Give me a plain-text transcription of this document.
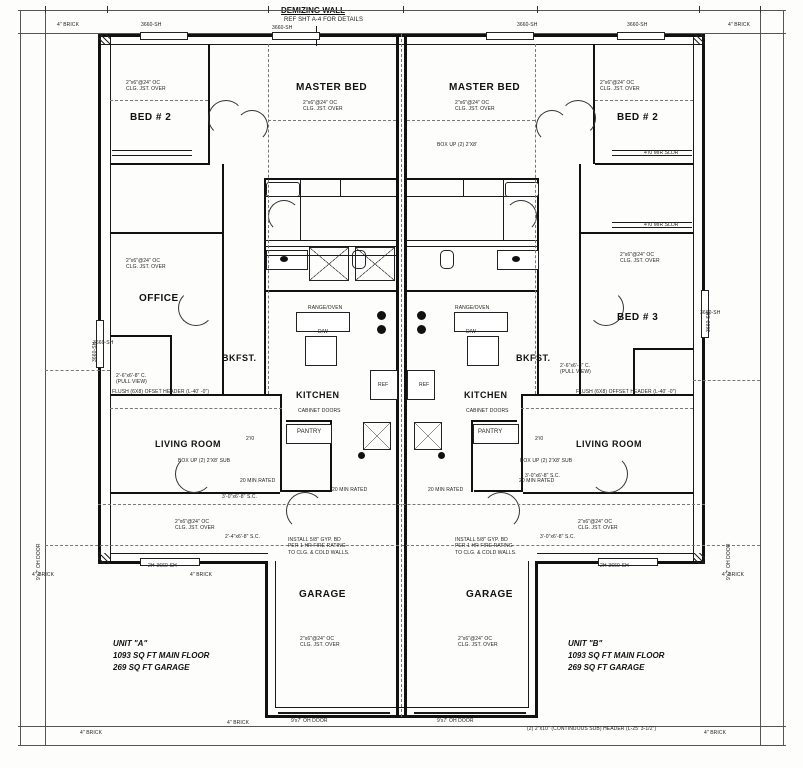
REF SHT A-4 FOR DETAILS
BED # 2
MASTER BED
OFFICE
BKFST.
KITCHEN
LIVING ROOM
GARAGE
PANTRY
BED # 2
MASTER BED
BED # 3
BKFST.
KITCHEN
LIVING ROOM
GARAGE
PANTRY
UNIT "A"
1093 SQ FT MAIN FLOOR
269 SQ FT GARAGE
UNIT "B"
1093 SQ FT MAIN FLOOR
269 SQ FT GARAGE
2"x6"@24" OC
CLG. JST. OVER
2"x6"@24" OC
CLG. JST. OVER
2"x6"@24" OC
CLG. JST. OVER
2"x6"@24" OC
CLG. JST. OVER
2"x6"@24" OC
CLG. JST. OVER
2"x6"@24" OC
CLG. JST. OVER
2"x6"@24" OC
CLG. JST. OVER
2"x6"@24" OC
CLG. JST. OVER
2"x6"@24" OC
CLG. JST. OVER
2"x6"@24" OC
CLG. JST. OVER
BOX UP (2) 2'X8'
BOX UP (2) 2'X8' SUB	BOX UP (2) 2'X8' SUB
RANGE/OVEN	RANGE/OVEN
D/W	D/W
REF	REF
CABINET DOORS	CABINET DOORS
20 MIN RATED	20 MIN RATED
20 MIN RATED
20 MIN RATED
INSTALL 5/8" GYP. BD
PER 1 HR FIRE RATING
TO CLG. & COLD WALLS.
INSTALL 5/8" GYP. BD
PER 1 HR FIRE RATING
TO CLG. & COLD WALLS.
2'-6"x6'-8" C.
(PULL VIEW)
2'-6"x6'-8" C.
(PULL VIEW)
3'-0"x6'-8" S.C.
3'-0"x6'-8" S.C.
3'-0"x6'-8" S.C.
2'-4"x6'-8" S.C.
FLUSH (6X8) OFSET HEADER (L-40' -0")	FLUSH (6X8) OFFSET HEADER (L-40' -0")
(2) 2"x10" (CONTINUOUS SUB) HEADER (L-25' 3-1/2")
9'x7' OH DOOR	9'x7' OH DOOR
4'/0 MIR SLDR
4'/0 MIR SLDR
2'/0	2'/0
3660-SH	3660-SH	3660-SH	3660-SH
4" BRICK	4" BRICK
4" BRICK	4" BRICK
4" BRICK
4" BRICK
4" BRICK
4" BRICK
2H-3660-SH	2H-3660-SH
3660-SH
3660-SH
3660-SH
3660-SH
9'x7' OH DOOR	9'x7' OH DOOR
